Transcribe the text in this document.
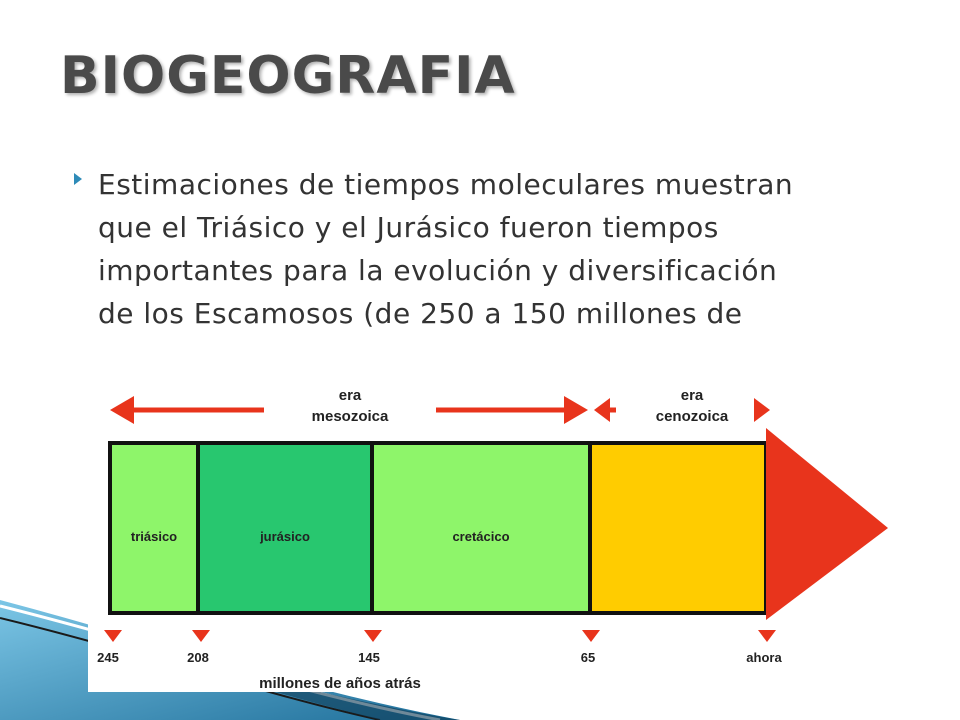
BIOGEOGRAFIA
Estimaciones de tiempos moleculares muestran que el Triásico y el Jurásico fueron tiempos importantes para la evolución y diversificación de los Escamosos (de 250 a 150 millones de
era
mesozoica
era
cenozoica
triásico	jurásico	cretácico
245	208	145	65	ahora
millones de años atrás
